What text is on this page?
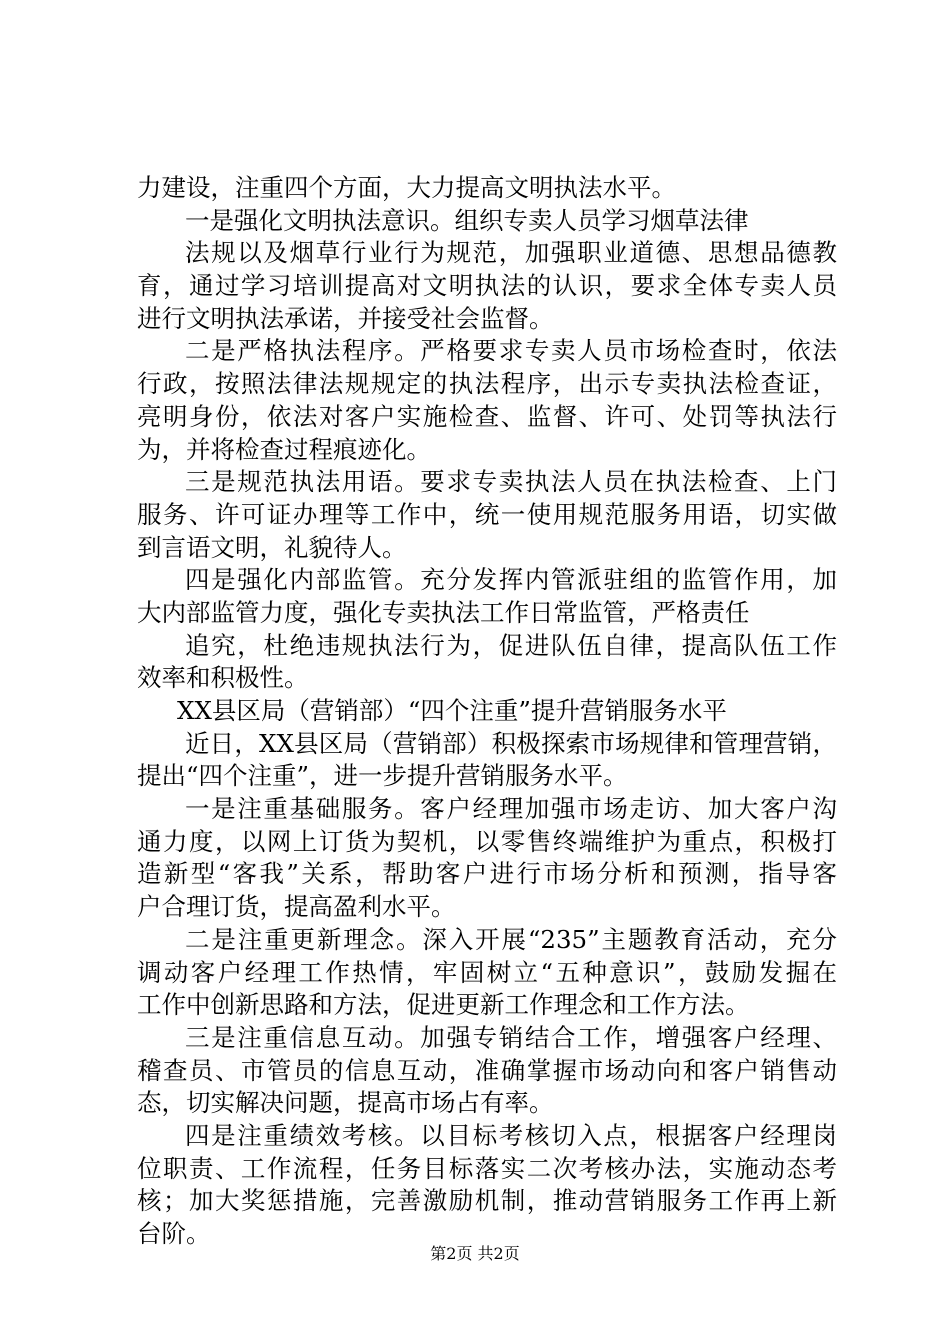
力建设，注重四个方面，大力提高文明执法水平。
一是强化文明执法意识。组织专卖人员学习烟草法律
法规以及烟草行业行为规范，加强职业道德、思想品德教
育，通过学习培训提高对文明执法的认识，要求全体专卖人员
进行文明执法承诺，并接受社会监督。
二是严格执法程序。严格要求专卖人员市场检查时，依法
行政，按照法律法规规定的执法程序，出示专卖执法检查证，
亮明身份，依法对客户实施检查、监督、许可、处罚等执法行
为，并将检查过程痕迹化。
三是规范执法用语。要求专卖执法人员在执法检查、上门
服务、许可证办理等工作中，统一使用规范服务用语，切实做
到言语文明，礼貌待人。
四是强化内部监管。充分发挥内管派驻组的监管作用，加
大内部监管力度，强化专卖执法工作日常监管，严格责任
追究，杜绝违规执法行为，促进队伍自律，提高队伍工作
效率和积极性。
XX县区局（营销部）“四个注重”提升营销服务水平
近日，XX县区局（营销部）积极探索市场规律和管理营销，
提出“四个注重”，进一步提升营销服务水平。
一是注重基础服务。客户经理加强市场走访、加大客户沟
通力度，以网上订货为契机，以零售终端维护为重点，积极打
造新型“客我”关系，帮助客户进行市场分析和预测，指导客
户合理订货，提高盈利水平。
二是注重更新理念。深入开展“235”主题教育活动，充分
调动客户经理工作热情，牢固树立“五种意识”，鼓励发掘在
工作中创新思路和方法，促进更新工作理念和工作方法。
三是注重信息互动。加强专销结合工作，增强客户经理、
稽查员、市管员的信息互动，准确掌握市场动向和客户销售动
态，切实解决问题，提高市场占有率。
四是注重绩效考核。以目标考核切入点，根据客户经理岗
位职责、工作流程，任务目标落实二次考核办法，实施动态考
核；加大奖惩措施，完善激励机制，推动营销服务工作再上新
台阶。
第2页 共2页
